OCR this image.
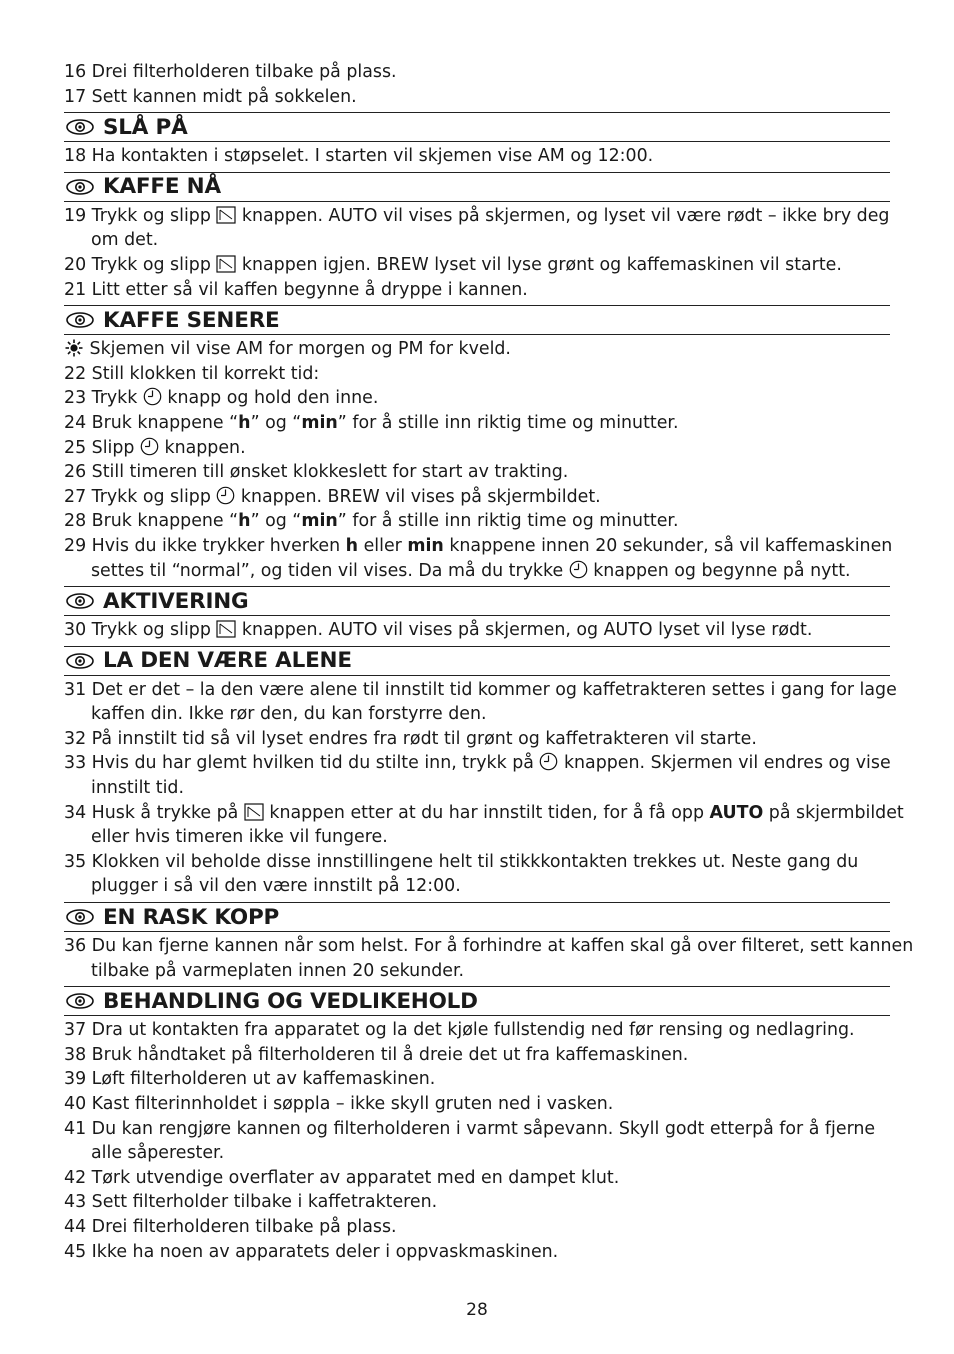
16 Drei filterholderen tilbake på plass.
17 Sett kannen midt på sokkelen.
SLÅ PÅ
18 Ha kontakten i støpselet. I starten vil skjemen vise AM og 12:00.
KAFFE NÅ
19 Trykk og slipp knappen. AUTO vil vises på skjermen, og lyset vil være rødt – ikke bry deg
om det.
20 Trykk og slipp knappen igjen. BREW lyset vil lyse grønt og kaffemaskinen vil starte.
21 Litt etter så vil kaffen begynne å dryppe i kannen.
KAFFE SENERE
Skjemen vil vise AM for morgen og PM for kveld.
22 Still klokken til korrekt tid:
23 Trykk knapp og hold den inne.
24 Bruk knappene “h” og “min” for å stille inn riktig time og minutter.
25 Slipp knappen.
26 Still timeren till ønsket klokkeslett for start av trakting.
27 Trykk og slipp knappen. BREW vil vises på skjermbildet.
28 Bruk knappene “h” og “min” for å stille inn riktig time og minutter.
29 Hvis du ikke trykker hverken h eller min knappene innen 20 sekunder, så vil kaffemaskinen
settes til “normal”, og tiden vil vises. Da må du trykke knappen og begynne på nytt.
AKTIVERING
30 Trykk og slipp knappen. AUTO vil vises på skjermen, og AUTO lyset vil lyse rødt.
LA DEN VÆRE ALENE
31 Det er det – la den være alene til innstilt tid kommer og kaffetrakteren settes i gang for lage
kaffen din. Ikke rør den, du kan forstyrre den.
32 På innstilt tid så vil lyset endres fra rødt til grønt og kaffetrakteren vil starte.
33 Hvis du har glemt hvilken tid du stilte inn, trykk på knappen. Skjermen vil endres og vise
innstilt tid.
34 Husk å trykke på knappen etter at du har innstilt tiden, for å få opp AUTO på skjermbildet
eller hvis timeren ikke vil fungere.
35 Klokken vil beholde disse innstillingene helt til stikkkontakten trekkes ut. Neste gang du
plugger i så vil den være innstilt på 12:00.
EN RASK KOPP
36 Du kan fjerne kannen når som helst. For å forhindre at kaffen skal gå over filteret, sett kannen
tilbake på varmeplaten innen 20 sekunder.
BEHANDLING OG VEDLIKEHOLD
37 Dra ut kontakten fra apparatet og la det kjøle fullstendig ned før rensing og nedlagring.
38 Bruk håndtaket på filterholderen til å dreie det ut fra kaffemaskinen.
39 Løft filterholderen ut av kaffemaskinen.
40 Kast filterinnholdet i søppla – ikke skyll gruten ned i vasken.
41 Du kan rengjøre kannen og filterholderen i varmt såpevann. Skyll godt etterpå for å fjerne
alle såperester.
42 Tørk utvendige overflater av apparatet med en dampet klut.
43 Sett filterholder tilbake i kaffetrakteren.
44 Drei filterholderen tilbake på plass.
45 Ikke ha noen av apparatets deler i oppvaskmaskinen.
28
